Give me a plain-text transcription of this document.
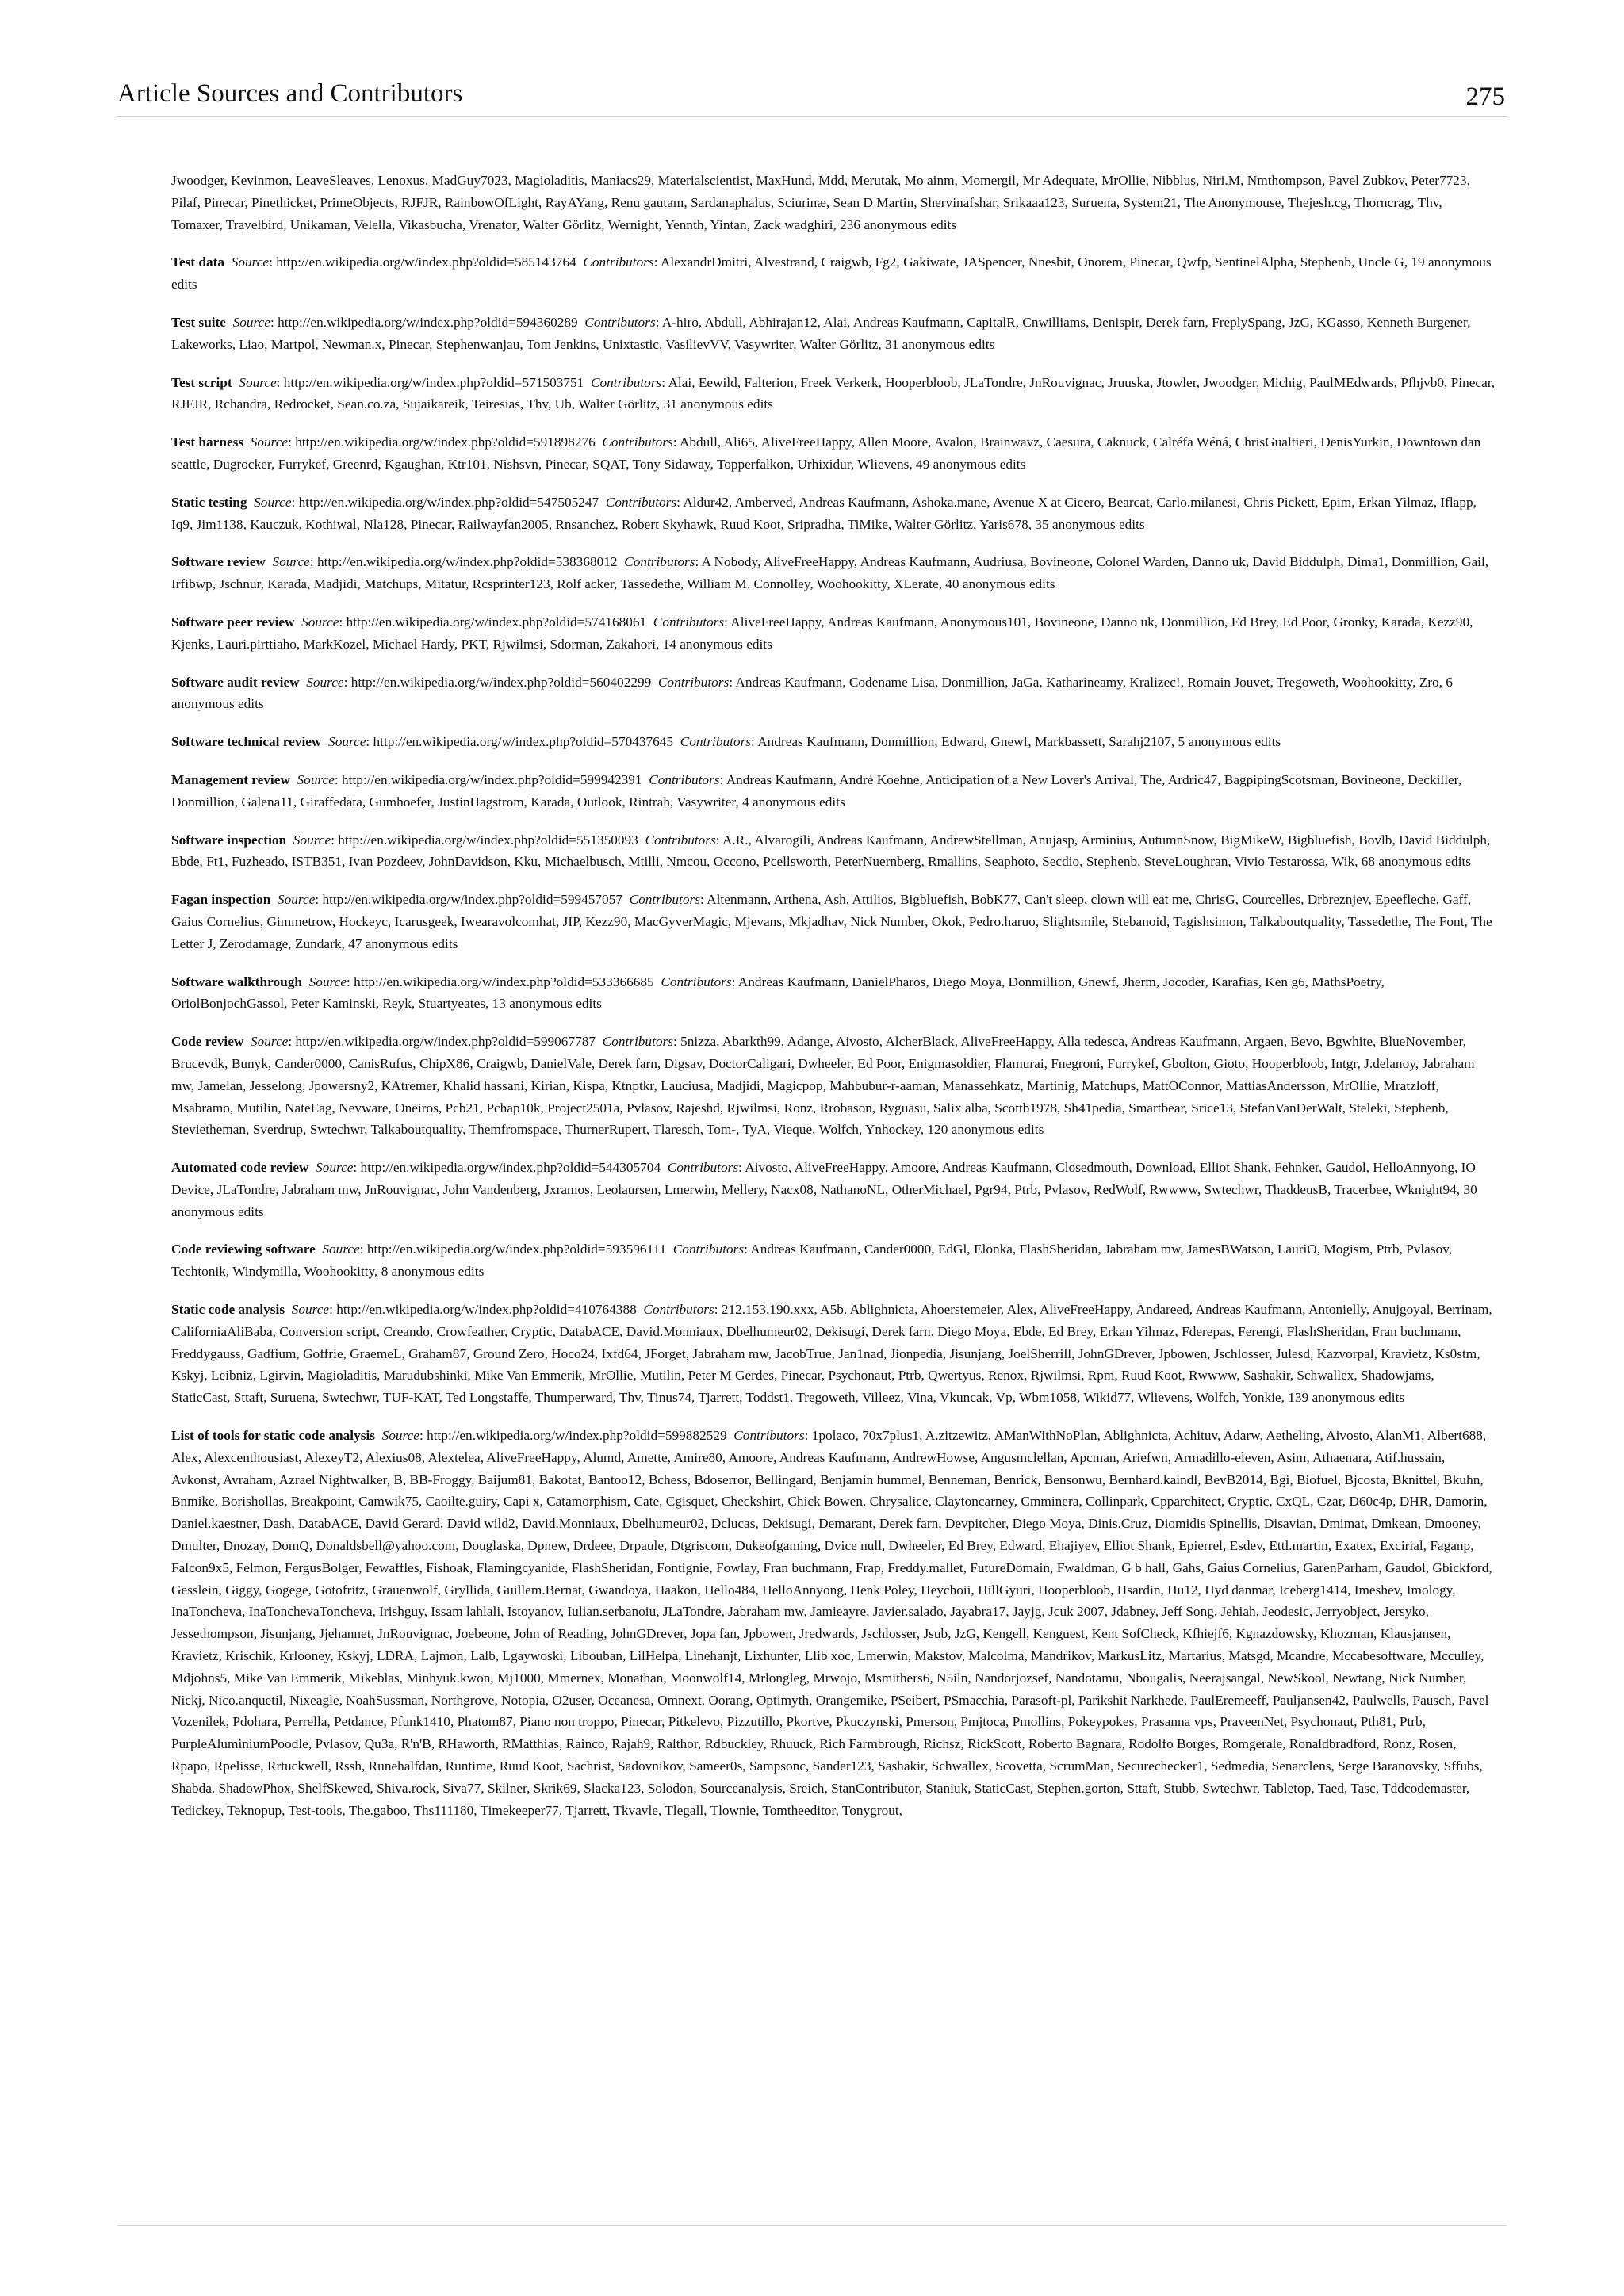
Article Sources and Contributors	275

Jwoodger, Kevinmon, LeaveSleaves, Lenoxus, MadGuy7023, Magioladitis, Maniacs29, Materialscientist, MaxHund, Mdd, Merutak, Mo ainm, Momergil, Mr Adequate, MrOllie, Nibblus, Niri.M, Nmthompson, Pavel Zubkov, Peter7723, Pilaf, Pinecar, Pinethicket, PrimeObjects, RJFJR, RainbowOfLight, RayAYang, Renu gautam, Sardanaphalus, Sciurinæ, Sean D Martin, Shervinafshar, Srikaaa123, Suruena, System21, The Anonymouse, Thejesh.cg, Thorncrag, Thv, Tomaxer, Travelbird, Unikaman, Velella, Vikasbucha, Vrenator, Walter Görlitz, Wernight, Yennth, Yintan, Zack wadghiri, 236 anonymous edits

Test data Source: http://en.wikipedia.org/w/index.php?oldid=585143764 Contributors: AlexandrDmitri, Alvestrand, Craigwb, Fg2, Gakiwate, JASpencer, Nnesbit, Onorem, Pinecar, Qwfp, SentinelAlpha, Stephenb, Uncle G, 19 anonymous edits

Test suite Source: http://en.wikipedia.org/w/index.php?oldid=594360289 Contributors: A-hiro, Abdull, Abhirajan12, Alai, Andreas Kaufmann, CapitalR, Cnwilliams, Denispir, Derek farn, FreplySpang, JzG, KGasso, Kenneth Burgener, Lakeworks, Liao, Martpol, Newman.x, Pinecar, Stephenwanjau, Tom Jenkins, Unixtastic, VasilievVV, Vasywriter, Walter Görlitz, 31 anonymous edits

Test script Source: http://en.wikipedia.org/w/index.php?oldid=571503751 Contributors: Alai, Eewild, Falterion, Freek Verkerk, Hooperbloob, JLaTondre, JnRouvignac, Jruuska, Jtowler, Jwoodger, Michig, PaulMEdwards, Pfhjvb0, Pinecar, RJFJR, Rchandra, Redrocket, Sean.co.za, Sujaikareik, Teiresias, Thv, Ub, Walter Görlitz, 31 anonymous edits

Test harness Source: http://en.wikipedia.org/w/index.php?oldid=591898276 Contributors: Abdull, Ali65, AliveFreeHappy, Allen Moore, Avalon, Brainwavz, Caesura, Caknuck, Calréfa Wéná, ChrisGualtieri, DenisYurkin, Downtown dan seattle, Dugrocker, Furrykef, Greenrd, Kgaughan, Ktr101, Nishsvn, Pinecar, SQAT, Tony Sidaway, Topperfalkon, Urhixidur, Wlievens, 49 anonymous edits

Static testing Source: http://en.wikipedia.org/w/index.php?oldid=547505247 Contributors: Aldur42, Amberved, Andreas Kaufmann, Ashoka.mane, Avenue X at Cicero, Bearcat, Carlo.milanesi, Chris Pickett, Epim, Erkan Yilmaz, Iflapp, Iq9, Jim1138, Kauczuk, Kothiwal, Nla128, Pinecar, Railwayfan2005, Rnsanchez, Robert Skyhawk, Ruud Koot, Sripradha, TiMike, Walter Görlitz, Yaris678, 35 anonymous edits

Software review Source: http://en.wikipedia.org/w/index.php?oldid=538368012 Contributors: A Nobody, AliveFreeHappy, Andreas Kaufmann, Audriusa, Bovineone, Colonel Warden, Danno uk, David Biddulph, Dima1, Donmillion, Gail, Irfibwp, Jschnur, Karada, Madjidi, Matchups, Mitatur, Rcsprinter123, Rolf acker, Tassedethe, William M. Connolley, Woohookitty, XLerate, 40 anonymous edits

Software peer review Source: http://en.wikipedia.org/w/index.php?oldid=574168061 Contributors: AliveFreeHappy, Andreas Kaufmann, Anonymous101, Bovineone, Danno uk, Donmillion, Ed Brey, Ed Poor, Gronky, Karada, Kezz90, Kjenks, Lauri.pirttiaho, MarkKozel, Michael Hardy, PKT, Rjwilmsi, Sdorman, Zakahori, 14 anonymous edits

Software audit review Source: http://en.wikipedia.org/w/index.php?oldid=560402299 Contributors: Andreas Kaufmann, Codename Lisa, Donmillion, JaGa, Katharineamy, Kralizec!, Romain Jouvet, Tregoweth, Woohookitty, Zro, 6 anonymous edits

Software technical review Source: http://en.wikipedia.org/w/index.php?oldid=570437645 Contributors: Andreas Kaufmann, Donmillion, Edward, Gnewf, Markbassett, Sarahj2107, 5 anonymous edits

Management review Source: http://en.wikipedia.org/w/index.php?oldid=599942391 Contributors: Andreas Kaufmann, André Koehne, Anticipation of a New Lover's Arrival, The, Ardric47, BagpipingScotsman, Bovineone, Deckiller, Donmillion, Galena11, Giraffedata, Gumhoefer, JustinHagstrom, Karada, Outlook, Rintrah, Vasywriter, 4 anonymous edits

Software inspection Source: http://en.wikipedia.org/w/index.php?oldid=551350093 Contributors: A.R., Alvarogili, Andreas Kaufmann, AndrewStellman, Anujasp, Arminius, AutumnSnow, BigMikeW, Bigbluefish, Bovlb, David Biddulph, Ebde, Ft1, Fuzheado, ISTB351, Ivan Pozdeev, JohnDavidson, Kku, Michaelbusch, Mtilli, Nmcou, Occono, Pcellsworth, PeterNuernberg, Rmallins, Seaphoto, Secdio, Stephenb, SteveLoughran, Vivio Testarossa, Wik, 68 anonymous edits

Fagan inspection Source: http://en.wikipedia.org/w/index.php?oldid=599457057 Contributors: Altenmann, Arthena, Ash, Attilios, Bigbluefish, BobK77, Can't sleep, clown will eat me, ChrisG, Courcelles, Drbreznjev, Epeefleche, Gaff, Gaius Cornelius, Gimmetrow, Hockeyc, Icarusgeek, Iwearavolcomhat, JIP, Kezz90, MacGyverMagic, Mjevans, Mkjadhav, Nick Number, Okok, Pedro.haruo, Slightsmile, Stebanoid, Tagishsimon, Talkaboutquality, Tassedethe, The Font, The Letter J, Zerodamage, Zundark, 47 anonymous edits

Software walkthrough Source: http://en.wikipedia.org/w/index.php?oldid=533366685 Contributors: Andreas Kaufmann, DanielPharos, Diego Moya, Donmillion, Gnewf, Jherm, Jocoder, Karafias, Ken g6, MathsPoetry, OriolBonjochGassol, Peter Kaminski, Reyk, Stuartyeates, 13 anonymous edits

Code review Source: http://en.wikipedia.org/w/index.php?oldid=599067787 Contributors: 5nizza, Abarkth99, Adange, Aivosto, AlcherBlack, AliveFreeHappy, Alla tedesca, Andreas Kaufmann, Argaen, Bevo, Bgwhite, BlueNovember, Brucevdk, Bunyk, Cander0000, CanisRufus, ChipX86, Craigwb, DanielVale, Derek farn, Digsav, DoctorCaligari, Dwheeler, Ed Poor, Enigmasoldier, Flamurai, Fnegroni, Furrykef, Gbolton, Gioto, Hooperbloob, Intgr, J.delanoy, Jabraham mw, Jamelan, Jesselong, Jpowersny2, KAtremer, Khalid hassani, Kirian, Kispa, Ktnptkr, Lauciusa, Madjidi, Magicpop, Mahbubur-r-aaman, Manassehkatz, Martinig, Matchups, MattOConnor, MattiasAndersson, MrOllie, Mratzloff, Msabramo, Mutilin, NateEag, Nevware, Oneiros, Pcb21, Pchap10k, Project2501a, Pvlasov, Rajeshd, Rjwilmsi, Ronz, Rrobason, Ryguasu, Salix alba, Scottb1978, Sh41pedia, Smartbear, Srice13, StefanVanDerWalt, Steleki, Stephenb, Stevietheman, Sverdrup, Swtechwr, Talkaboutquality, Themfromspace, ThurnerRupert, Tlaresch, Tom-, TyA, Vieque, Wolfch, Ynhockey, 120 anonymous edits

Automated code review Source: http://en.wikipedia.org/w/index.php?oldid=544305704 Contributors: Aivosto, AliveFreeHappy, Amoore, Andreas Kaufmann, Closedmouth, Download, Elliot Shank, Fehnker, Gaudol, HelloAnnyong, IO Device, JLaTondre, Jabraham mw, JnRouvignac, John Vandenberg, Jxramos, Leolaursen, Lmerwin, Mellery, Nacx08, NathanoNL, OtherMichael, Pgr94, Ptrb, Pvlasov, RedWolf, Rwwww, Swtechwr, ThaddeusB, Tracerbee, Wknight94, 30 anonymous edits

Code reviewing software Source: http://en.wikipedia.org/w/index.php?oldid=593596111 Contributors: Andreas Kaufmann, Cander0000, EdGl, Elonka, FlashSheridan, Jabraham mw, JamesBWatson, LauriO, Mogism, Ptrb, Pvlasov, Techtonik, Windymilla, Woohookitty, 8 anonymous edits

Static code analysis Source: http://en.wikipedia.org/w/index.php?oldid=410764388 Contributors: 212.153.190.xxx, A5b, Ablighnicta, Ahoerstemeier, Alex, AliveFreeHappy, Andareed, Andreas Kaufmann, Antonielly, Anujgoyal, Berrinam, CaliforniaAliBaba, Conversion script, Creando, Crowfeather, Cryptic, DatabACE, David.Monniaux, Dbelhumeur02, Dekisugi, Derek farn, Diego Moya, Ebde, Ed Brey, Erkan Yilmaz, Fderepas, Ferengi, FlashSheridan, Fran buchmann, Freddygauss, Gadfium, Goffrie, GraemeL, Graham87, Ground Zero, Hoco24, Ixfd64, JForget, Jabraham mw, JacobTrue, Jan1nad, Jionpedia, Jisunjang, JoelSherrill, JohnGDrever, Jpbowen, Jschlosser, Julesd, Kazvorpal, Kravietz, Ks0stm, Kskyj, Leibniz, Lgirvin, Magioladitis, Marudubshinki, Mike Van Emmerik, MrOllie, Mutilin, Peter M Gerdes, Pinecar, Psychonaut, Ptrb, Qwertyus, Renox, Rjwilmsi, Rpm, Ruud Koot, Rwwww, Sashakir, Schwallex, Shadowjams, StaticCast, Sttaft, Suruena, Swtechwr, TUF-KAT, Ted Longstaffe, Thumperward, Thv, Tinus74, Tjarrett, Toddst1, Tregoweth, Villeez, Vina, Vkuncak, Vp, Wbm1058, Wikid77, Wlievens, Wolfch, Yonkie, 139 anonymous edits

List of tools for static code analysis Source: http://en.wikipedia.org/w/index.php?oldid=599882529 Contributors: 1polaco, 70x7plus1, A.zitzewitz, AManWithNoPlan, Ablighnicta, Achituv, Adarw, Aetheling, Aivosto, AlanM1, Albert688, Alex, Alexcenthousiast, AlexeyT2, Alexius08, Alextelea, AliveFreeHappy, Alumd, Amette, Amire80, Amoore, Andreas Kaufmann, AndrewHowse, Angusmclellan, Apcman, Ariefwn, Armadillo-eleven, Asim, Athaenara, Atif.hussain, Avkonst, Avraham, Azrael Nightwalker, B, BB-Froggy, Baijum81, Bakotat, Bantoo12, Bchess, Bdoserror, Bellingard, Benjamin hummel, Benneman, Benrick, Bensonwu, Bernhard.kaindl, BevB2014, Bgi, Biofuel, Bjcosta, Bknittel, Bkuhn, Bnmike, Borishollas, Breakpoint, Camwik75, Caoilte.guiry, Capi x, Catamorphism, Cate, Cgisquet, Checkshirt, Chick Bowen, Chrysalice, Claytoncarney, Cmminera, Collinpark, Cpparchitect, Cryptic, CxQL, Czar, D60c4p, DHR, Damorin, Daniel.kaestner, Dash, DatabACE, David Gerard, David wild2, David.Monniaux, Dbelhumeur02, Dclucas, Dekisugi, Demarant, Derek farn, Devpitcher, Diego Moya, Dinis.Cruz, Diomidis Spinellis, Disavian, Dmimat, Dmkean, Dmooney, Dmulter, Dnozay, DomQ, Donaldsbell@yahoo.com, Douglaska, Dpnew, Drdeee, Drpaule, Dtgriscom, Dukeofgaming, Dvice null, Dwheeler, Ed Brey, Edward, Ehajiyev, Elliot Shank, Epierrel, Esdev, Ettl.martin, Exatex, Excirial, Faganp, Falcon9x5, Felmon, FergusBolger, Fewaffles, Fishoak, Flamingcyanide, FlashSheridan, Fontignie, Fowlay, Fran buchmann, Frap, Freddy.mallet, FutureDomain, Fwaldman, G b hall, Gahs, Gaius Cornelius, GarenParham, Gaudol, Gbickford, Gesslein, Giggy, Gogege, Gotofritz, Grauenwolf, Gryllida, Guillem.Bernat, Gwandoya, Haakon, Hello484, HelloAnnyong, Henk Poley, Heychoii, HillGyuri, Hooperbloob, Hsardin, Hu12, Hyd danmar, Iceberg1414, Imeshev, Imology, InaToncheva, InaTonchevaToncheva, Irishguy, Issam lahlali, Istoyanov, Iulian.serbanoiu, JLaTondre, Jabraham mw, Jamieayre, Javier.salado, Jayabra17, Jayjg, Jcuk 2007, Jdabney, Jeff Song, Jehiah, Jeodesic, Jerryobject, Jersyko, Jessethompson, Jisunjang, Jjehannet, JnRouvignac, Joebeone, John of Reading, JohnGDrever, Jopa fan, Jpbowen, Jredwards, Jschlosser, Jsub, JzG, Kengell, Kenguest, Kent SofCheck, Kfhiejf6, Kgnazdowsky, Khozman, Klausjansen, Kravietz, Krischik, Krlooney, Kskyj, LDRA, Lajmon, Lalb, Lgaywoski, Libouban, LilHelpa, Linehanjt, Lixhunter, Llib xoc, Lmerwin, Makstov, Malcolma, Mandrikov, MarkusLitz, Martarius, Matsgd, Mcandre, Mccabesoftware, Mcculley, Mdjohns5, Mike Van Emmerik, Mikeblas, Minhyuk.kwon, Mj1000, Mmernex, Monathan, Moonwolf14, Mrlongleg, Mrwojo, Msmithers6, N5iln, Nandorjozsef, Nandotamu, Nbougalis, Neerajsangal, NewSkool, Newtang, Nick Number, Nickj, Nico.anquetil, Nixeagle, NoahSussman, Northgrove, Notopia, O2user, Oceanesa, Omnext, Oorang, Optimyth, Orangemike, PSeibert, PSmacchia, Parasoft-pl, Parikshit Narkhede, PaulEremeeff, Pauljansen42, Paulwells, Pausch, Pavel Vozenilek, Pdohara, Perrella, Petdance, Pfunk1410, Phatom87, Piano non troppo, Pinecar, Pitkelevo, Pizzutillo, Pkortve, Pkuczynski, Pmerson, Pmjtoca, Pmollins, Pokeypokes, Prasanna vps, PraveenNet, Psychonaut, Pth81, Ptrb, PurpleAluminiumPoodle, Pvlasov, Qu3a, R'n'B, RHaworth, RMatthias, Rainco, Rajah9, Ralthor, Rdbuckley, Rhuuck, Rich Farmbrough, Richsz, RickScott, Roberto Bagnara, Rodolfo Borges, Romgerale, Ronaldbradford, Ronz, Rosen, Rpapo, Rpelisse, Rrtuckwell, Rssh, Runehalfdan, Runtime, Ruud Koot, Sachrist, Sadovnikov, Sameer0s, Sampsonc, Sander123, Sashakir, Schwallex, Scovetta, ScrumMan, Securechecker1, Sedmedia, Senarclens, Serge Baranovsky, Sffubs, Shabda, ShadowPhox, ShelfSkewed, Shiva.rock, Siva77, Skilner, Skrik69, Slacka123, Solodon, Sourceanalysis, Sreich, StanContributor, Staniuk, StaticCast, Stephen.gorton, Sttaft, Stubb, Swtechwr, Tabletop, Taed, Tasc, Tddcodemaster, Tedickey, Teknopup, Test-tools, The.gaboo, Ths111180, Timekeeper77, Tjarrett, Tkvavle, Tlegall, Tlownie, Tomtheeditor, Tonygrout,
